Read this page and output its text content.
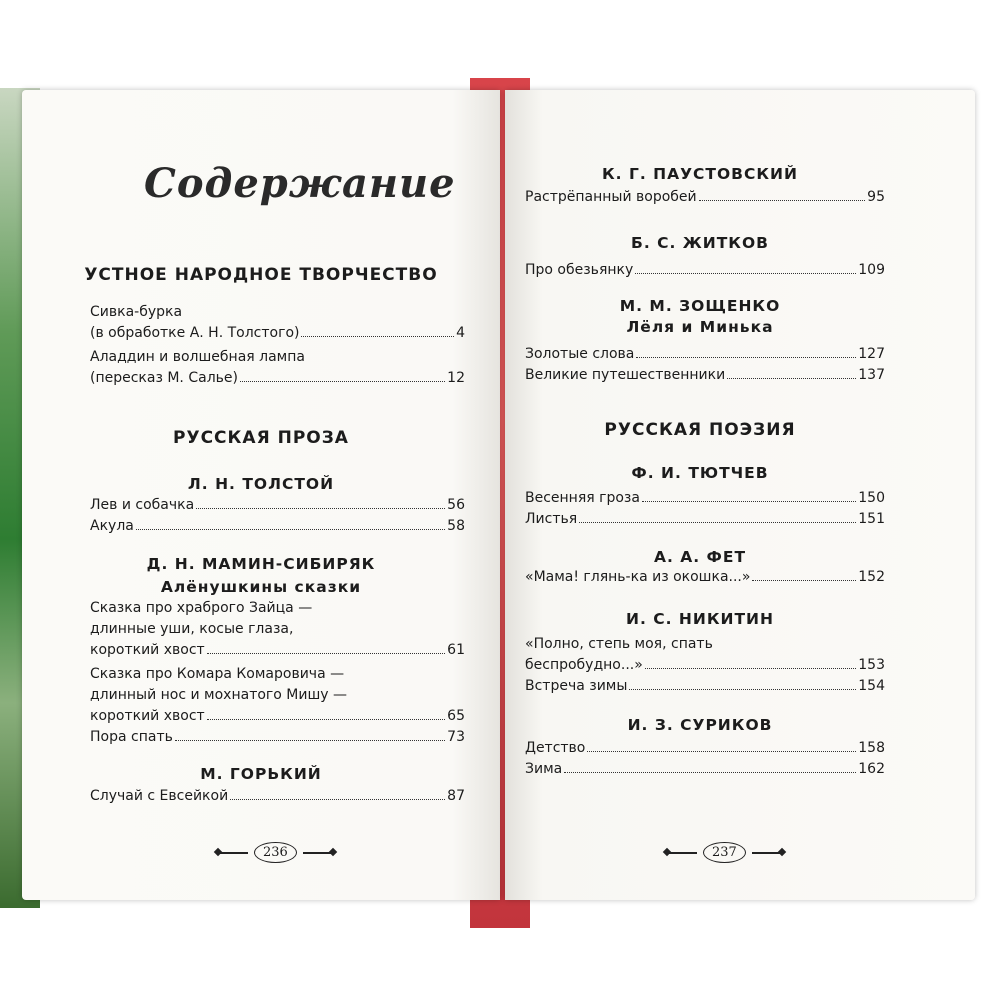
Содержание
УСТНОЕ НАРОДНОЕ ТВОРЧЕСТВО
Сивка-бурка
(в обработке А. Н. Толстого)	4
Аладдин и волшебная лампа
(пересказ М. Салье)	12
РУССКАЯ ПРОЗА
Л. Н. ТОЛСТОЙ
Лев и собачка	56
Акула	58
Д. Н. МАМИН-СИБИРЯК
Алёнушкины сказки
Сказка про храброго Зайца —
длинные уши, косые глаза,
короткий хвост	61
Сказка про Комара Комаровича —
длинный нос и мохнатого Мишу —
короткий хвост	65
Пора спать	73
М. ГОРЬКИЙ
Случай с Евсейкой	87
236
К. Г. ПАУСТОВСКИЙ
Растрёпанный воробей	95
Б. С. ЖИТКОВ
Про обезьянку	109
М. М. ЗОЩЕНКО
Лёля и Минька
Золотые слова	127
Великие путешественники	137
РУССКАЯ ПОЭЗИЯ
Ф. И. ТЮТЧЕВ
Весенняя гроза	150
Листья	151
А. А. ФЕТ
«Мама! глянь-ка из окошка...»	152
И. С. НИКИТИН
«Полно, степь моя, спать
беспробудно...»	153
Встреча зимы	154
И. З. СУРИКОВ
Детство	158
Зима	162
237
